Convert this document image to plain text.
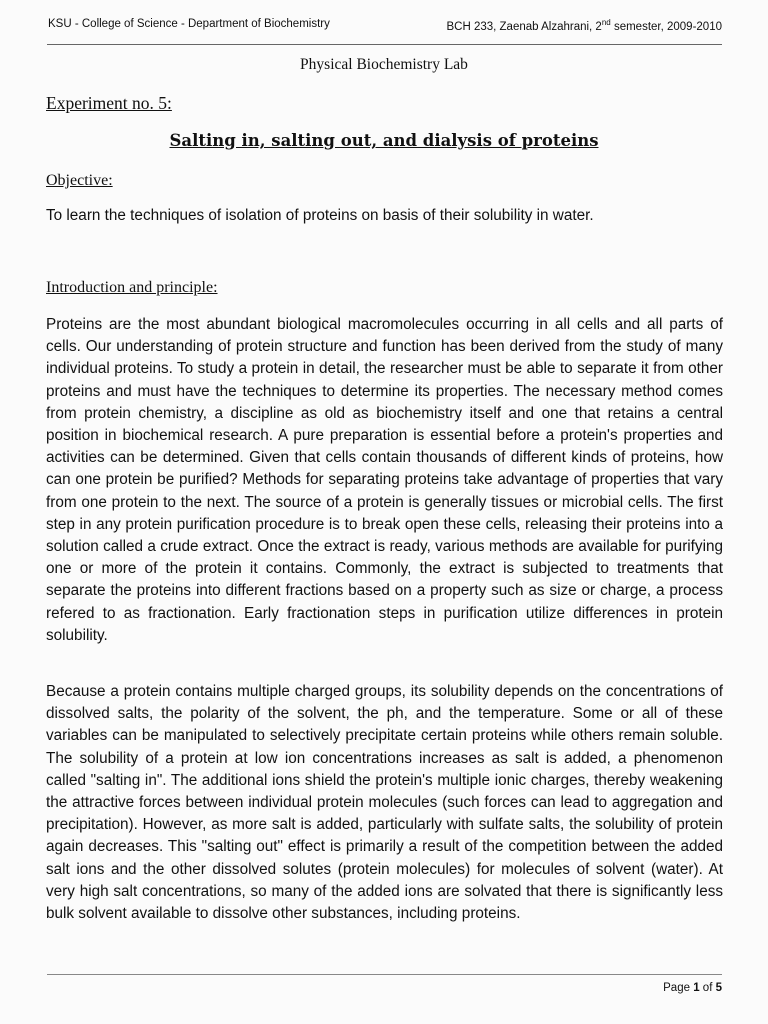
KSU - College of Science - Department of Biochemistry	BCH 233, Zaenab Alzahrani, 2nd semester, 2009-2010
Physical Biochemistry Lab
Experiment no. 5:
Salting in, salting out, and dialysis of proteins
Objective:

To learn the techniques of isolation of proteins on basis of their solubility in water.

Introduction and principle:

Proteins are the most abundant biological macromolecules occurring in all cells and all parts of cells. Our understanding of protein structure and function has been derived from the study of many individual proteins. To study a protein in detail, the researcher must be able to separate it from other proteins and must have the techniques to determine its properties. The necessary method comes from protein chemistry, a discipline as old as biochemistry itself and one that retains a central position in biochemical research. A pure preparation is essential before a protein's properties and activities can be determined. Given that cells contain thousands of different kinds of proteins, how can one protein be purified? Methods for separating proteins take advantage of properties that vary from one protein to the next. The source of a protein is generally tissues or microbial cells. The first step in any protein purification procedure is to break open these cells, releasing their proteins into a solution called a crude extract. Once the extract is ready, various methods are available for purifying one or more of the protein it contains. Commonly, the extract is subjected to treatments that separate the proteins into different fractions based on a property such as size or charge, a process refered to as fractionation. Early fractionation steps in purification utilize differences in protein solubility.

Because a protein contains multiple charged groups, its solubility depends on the concentrations of dissolved salts, the polarity of the solvent, the ph, and the temperature. Some or all of these variables can be manipulated to selectively precipitate certain proteins while others remain soluble. The solubility of a protein at low ion concentrations increases as salt is added, a phenomenon called "salting in". The additional ions shield the protein's multiple ionic charges, thereby weakening the attractive forces between individual protein molecules (such forces can lead to aggregation and precipitation). However, as more salt is added, particularly with sulfate salts, the solubility of protein again decreases. This "salting out" effect is primarily a result of the competition between the added salt ions and the other dissolved solutes (protein molecules) for molecules of solvent (water). At very high salt concentrations, so many of the added ions are solvated that there is significantly less bulk solvent available to dissolve other substances, including proteins.

Page 1 of 5
